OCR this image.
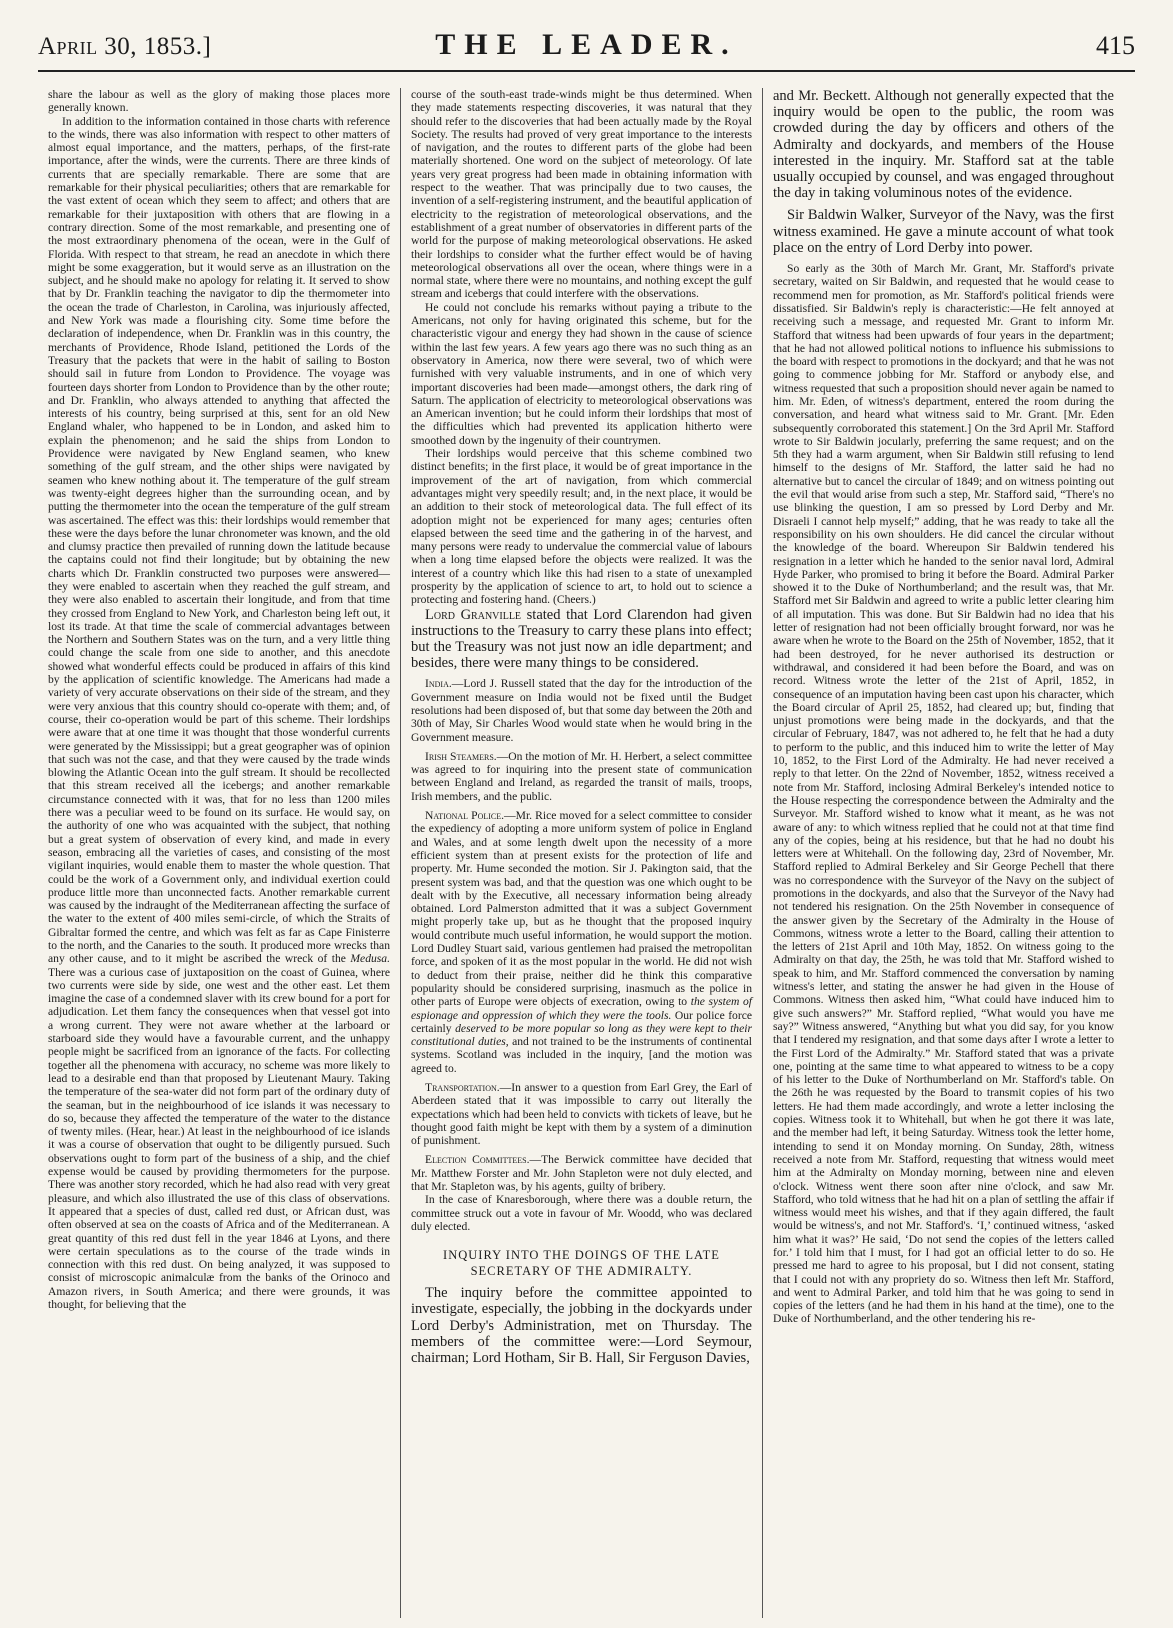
April 30, 1853.]	THE LEADER.	415

share the labour as well as the glory of making those places more generally known.

In addition to the information contained in those charts with reference to the winds, there was also information with respect to other matters of almost equal importance, and the matters, perhaps, of the first-rate importance, after the winds, were the currents. There are three kinds of currents that are specially remarkable. There are some that are remarkable for their physical peculiarities; others that are remarkable for the vast extent of ocean which they seem to affect; and others that are remarkable for their juxtaposition with others that are flowing in a contrary direction. Some of the most remarkable, and presenting one of the most extraordinary phenomena of the ocean, were in the Gulf of Florida. With respect to that stream, he read an anecdote in which there might be some exaggeration, but it would serve as an illustration on the subject, and he should make no apology for relating it. It served to show that by Dr. Franklin teaching the navigator to dip the thermometer into the ocean the trade of Charleston, in Carolina, was injuriously affected, and New York was made a flourishing city. Some time before the declaration of independence, when Dr. Franklin was in this country, the merchants of Providence, Rhode Island, petitioned the Lords of the Treasury that the packets that were in the habit of sailing to Boston should sail in future from London to Providence. The voyage was fourteen days shorter from London to Providence than by the other route; and Dr. Franklin, who always attended to anything that affected the interests of his country, being surprised at this, sent for an old New England whaler, who happened to be in London, and asked him to explain the phenomenon; and he said the ships from London to Providence were navigated by New England seamen, who knew something of the gulf stream, and the other ships were navigated by seamen who knew nothing about it. The temperature of the gulf stream was twenty-eight degrees higher than the surrounding ocean, and by putting the thermometer into the ocean the temperature of the gulf stream was ascertained. The effect was this: their lordships would remember that these were the days before the lunar chronometer was known, and the old and clumsy practice then prevailed of running down the latitude because the captains could not find their longitude; but by obtaining the new charts which Dr. Franklin constructed two purposes were answered—they were enabled to ascertain when they reached the gulf stream, and they were also enabled to ascertain their longitude, and from that time they crossed from England to New York, and Charleston being left out, it lost its trade. At that time the scale of commercial advantages between the Northern and Southern States was on the turn, and a very little thing could change the scale from one side to another, and this anecdote showed what wonderful effects could be produced in affairs of this kind by the application of scientific knowledge. The Americans had made a variety of very accurate observations on their side of the stream, and they were very anxious that this country should co-operate with them; and, of course, their co-operation would be part of this scheme. Their lordships were aware that at one time it was thought that those wonderful currents were generated by the Mississippi; but a great geographer was of opinion that such was not the case, and that they were caused by the trade winds blowing the Atlantic Ocean into the gulf stream. It should be recollected that this stream received all the icebergs; and another remarkable circumstance connected with it was, that for no less than 1200 miles there was a peculiar weed to be found on its surface. He would say, on the authority of one who was acquainted with the subject, that nothing but a great system of observation of every kind, and made in every season, embracing all the varieties of cases, and consisting of the most vigilant inquiries, would enable them to master the whole question. That could be the work of a Government only, and individual exertion could produce little more than unconnected facts. Another remarkable current was caused by the indraught of the Mediterranean affecting the surface of the water to the extent of 400 miles semi-circle, of which the Straits of Gibraltar formed the centre, and which was felt as far as Cape Finisterre to the north, and the Canaries to the south. It produced more wrecks than any other cause, and to it might be ascribed the wreck of the Medusa. There was a curious case of juxtaposition on the coast of Guinea, where two currents were side by side, one west and the other east. Let them imagine the case of a condemned slaver with its crew bound for a port for adjudication. Let them fancy the consequences when that vessel got into a wrong current. They were not aware whether at the larboard or starboard side they would have a favourable current, and the unhappy people might be sacrificed from an ignorance of the facts. For collecting together all the phenomena with accuracy, no scheme was more likely to lead to a desirable end than that proposed by Lieutenant Maury. Taking the temperature of the sea-water did not form part of the ordinary duty of the seaman, but in the neighbourhood of ice islands it was necessary to do so, because they affected the temperature of the water to the distance of twenty miles. (Hear, hear.) At least in the neighbourhood of ice islands it was a course of observation that ought to be diligently pursued. Such observations ought to form part of the business of a ship, and the chief expense would be caused by providing thermometers for the purpose. There was another story recorded, which he had also read with very great pleasure, and which also illustrated the use of this class of observations. It appeared that a species of dust, called red dust, or African dust, was often observed at sea on the coasts of Africa and of the Mediterranean. A great quantity of this red dust fell in the year 1846 at Lyons, and there were certain speculations as to the course of the trade winds in connection with this red dust. On being analyzed, it was supposed to consist of microscopic animalculæ from the banks of the Orinoco and Amazon rivers, in South America; and there were grounds, it was thought, for believing that the

course of the south-east trade-winds might be thus determined. When they made statements respecting discoveries, it was natural that they should refer to the discoveries that had been actually made by the Royal Society. The results had proved of very great importance to the interests of navigation, and the routes to different parts of the globe had been materially shortened. One word on the subject of meteorology. Of late years very great progress had been made in obtaining information with respect to the weather. That was principally due to two causes, the invention of a self-registering instrument, and the beautiful application of electricity to the registration of meteorological observations, and the establishment of a great number of observatories in different parts of the world for the purpose of making meteorological observations. He asked their lordships to consider what the further effect would be of having meteorological observations all over the ocean, where things were in a normal state, where there were no mountains, and nothing except the gulf stream and icebergs that could interfere with the observations.

He could not conclude his remarks without paying a tribute to the Americans, not only for having originated this scheme, but for the characteristic vigour and energy they had shown in the cause of science within the last few years. A few years ago there was no such thing as an observatory in America, now there were several, two of which were furnished with very valuable instruments, and in one of which very important discoveries had been made—amongst others, the dark ring of Saturn. The application of electricity to meteorological observations was an American invention; but he could inform their lordships that most of the difficulties which had prevented its application hitherto were smoothed down by the ingenuity of their countrymen.

Their lordships would perceive that this scheme combined two distinct benefits; in the first place, it would be of great importance in the improvement of the art of navigation, from which commercial advantages might very speedily result; and, in the next place, it would be an addition to their stock of meteorological data. The full effect of its adoption might not be experienced for many ages; centuries often elapsed between the seed time and the gathering in of the harvest, and many persons were ready to undervalue the commercial value of labours when a long time elapsed before the objects were realized. It was the interest of a country which like this had risen to a state of unexampled prosperity by the application of science to art, to hold out to science a protecting and fostering hand. (Cheers.)

Lord Granville stated that Lord Clarendon had given instructions to the Treasury to carry these plans into effect; but the Treasury was not just now an idle department; and besides, there were many things to be considered.

India.—Lord J. Russell stated that the day for the introduction of the Government measure on India would not be fixed until the Budget resolutions had been disposed of, but that some day between the 20th and 30th of May, Sir Charles Wood would state when he would bring in the Government measure.

Irish Steamers.—On the motion of Mr. H. Herbert, a select committee was agreed to for inquiring into the present state of communication between England and Ireland, as regarded the transit of mails, troops, Irish members, and the public.

National Police.—Mr. Rice moved for a select committee to consider the expediency of adopting a more uniform system of police in England and Wales, and at some length dwelt upon the necessity of a more efficient system than at present exists for the protection of life and property. Mr. Hume seconded the motion. Sir J. Pakington said, that the present system was bad, and that the question was one which ought to be dealt with by the Executive, all necessary information being already obtained. Lord Palmerston admitted that it was a subject Government might properly take up, but as he thought that the proposed inquiry would contribute much useful information, he would support the motion. Lord Dudley Stuart said, various gentlemen had praised the metropolitan force, and spoken of it as the most popular in the world. He did not wish to deduct from their praise, neither did he think this comparative popularity should be considered surprising, inasmuch as the police in other parts of Europe were objects of execration, owing to the system of espionage and oppression of which they were the tools. Our police force certainly deserved to be more popular so long as they were kept to their constitutional duties, and not trained to be the instruments of continental systems. Scotland was included in the inquiry, [and the motion was agreed to.

Transportation.—In answer to a question from Earl Grey, the Earl of Aberdeen stated that it was impossible to carry out literally the expectations which had been held to convicts with tickets of leave, but he thought good faith might be kept with them by a system of a diminution of punishment.

Election Committees.—The Berwick committee have decided that Mr. Matthew Forster and Mr. John Stapleton were not duly elected, and that Mr. Stapleton was, by his agents, guilty of bribery.

In the case of Knaresborough, where there was a double return, the committee struck out a vote in favour of Mr. Woodd, who was declared duly elected.

INQUIRY INTO THE DOINGS OF THE LATE SECRETARY OF THE ADMIRALTY.

The inquiry before the committee appointed to investigate, especially, the jobbing in the dockyards under Lord Derby's Administration, met on Thursday. The members of the committee were:—Lord Seymour, chairman; Lord Hotham, Sir B. Hall, Sir Ferguson Davies,

and Mr. Beckett. Although not generally expected that the inquiry would be open to the public, the room was crowded during the day by officers and others of the Admiralty and dockyards, and members of the House interested in the inquiry. Mr. Stafford sat at the table usually occupied by counsel, and was engaged throughout the day in taking voluminous notes of the evidence.

Sir Baldwin Walker, Surveyor of the Navy, was the first witness examined. He gave a minute account of what took place on the entry of Lord Derby into power.

So early as the 30th of March Mr. Grant, Mr. Stafford's private secretary, waited on Sir Baldwin, and requested that he would cease to recommend men for promotion, as Mr. Stafford's political friends were dissatisfied. Sir Baldwin's reply is characteristic:—He felt annoyed at receiving such a message, and requested Mr. Grant to inform Mr. Stafford that witness had been upwards of four years in the department; that he had not allowed political notions to influence his submissions to the board with respect to promotions in the dockyard; and that he was not going to commence jobbing for Mr. Stafford or anybody else, and witness requested that such a proposition should never again be named to him. Mr. Eden, of witness's department, entered the room during the conversation, and heard what witness said to Mr. Grant. [Mr. Eden subsequently corroborated this statement.] On the 3rd April Mr. Stafford wrote to Sir Baldwin jocularly, preferring the same request; and on the 5th they had a warm argument, when Sir Baldwin still refusing to lend himself to the designs of Mr. Stafford, the latter said he had no alternative but to cancel the circular of 1849; and on witness pointing out the evil that would arise from such a step, Mr. Stafford said, “There's no use blinking the question, I am so pressed by Lord Derby and Mr. Disraeli I cannot help myself;” adding, that he was ready to take all the responsibility on his own shoulders. He did cancel the circular without the knowledge of the board. Whereupon Sir Baldwin tendered his resignation in a letter which he handed to the senior naval lord, Admiral Hyde Parker, who promised to bring it before the Board. Admiral Parker showed it to the Duke of Northumberland; and the result was, that Mr. Stafford met Sir Baldwin and agreed to write a public letter clearing him of all imputation. This was done. But Sir Baldwin had no idea that his letter of resignation had not been officially brought forward, nor was he aware when he wrote to the Board on the 25th of November, 1852, that it had been destroyed, for he never authorised its destruction or withdrawal, and considered it had been before the Board, and was on record. Witness wrote the letter of the 21st of April, 1852, in consequence of an imputation having been cast upon his character, which the Board circular of April 25, 1852, had cleared up; but, finding that unjust promotions were being made in the dockyards, and that the circular of February, 1847, was not adhered to, he felt that he had a duty to perform to the public, and this induced him to write the letter of May 10, 1852, to the First Lord of the Admiralty. He had never received a reply to that letter. On the 22nd of November, 1852, witness received a note from Mr. Stafford, inclosing Admiral Berkeley's intended notice to the House respecting the correspondence between the Admiralty and the Surveyor. Mr. Stafford wished to know what it meant, as he was not aware of any: to which witness replied that he could not at that time find any of the copies, being at his residence, but that he had no doubt his letters were at Whitehall. On the following day, 23rd of November, Mr. Stafford replied to Admiral Berkeley and Sir George Pechell that there was no correspondence with the Surveyor of the Navy on the subject of promotions in the dockyards, and also that the Surveyor of the Navy had not tendered his resignation. On the 25th November in consequence of the answer given by the Secretary of the Admiralty in the House of Commons, witness wrote a letter to the Board, calling their attention to the letters of 21st April and 10th May, 1852. On witness going to the Admiralty on that day, the 25th, he was told that Mr. Stafford wished to speak to him, and Mr. Stafford commenced the conversation by naming witness's letter, and stating the answer he had given in the House of Commons. Witness then asked him, “What could have induced him to give such answers?” Mr. Stafford replied, “What would you have me say?” Witness answered, “Anything but what you did say, for you know that I tendered my resignation, and that some days after I wrote a letter to the First Lord of the Admiralty.” Mr. Stafford stated that was a private one, pointing at the same time to what appeared to witness to be a copy of his letter to the Duke of Northumberland on Mr. Stafford's table. On the 26th he was requested by the Board to transmit copies of his two letters. He had them made accordingly, and wrote a letter inclosing the copies. Witness took it to Whitehall, but when he got there it was late, and the member had left, it being Saturday. Witness took the letter home, intending to send it on Monday morning. On Sunday, 28th, witness received a note from Mr. Stafford, requesting that witness would meet him at the Admiralty on Monday morning, between nine and eleven o'clock. Witness went there soon after nine o'clock, and saw Mr. Stafford, who told witness that he had hit on a plan of settling the affair if witness would meet his wishes, and that if they again differed, the fault would be witness's, and not Mr. Stafford's. ‘I,’ continued witness, ‘asked him what it was?’ He said, ‘Do not send the copies of the letters called for.’ I told him that I must, for I had got an official letter to do so. He pressed me hard to agree to his proposal, but I did not consent, stating that I could not with any propriety do so. Witness then left Mr. Stafford, and went to Admiral Parker, and told him that he was going to send in copies of the letters (and he had them in his hand at the time), one to the Duke of Northumberland, and the other tendering his re-
